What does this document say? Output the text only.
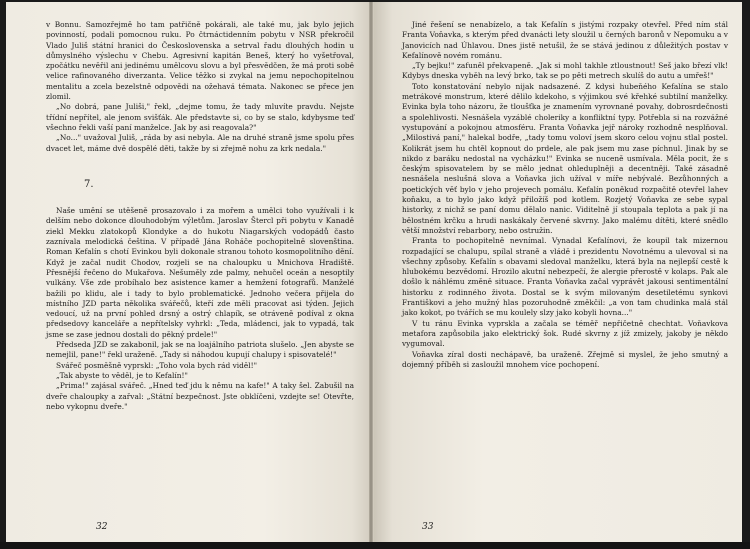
v Bonnu. Samozřejmě ho tam patřičně pokárali, ale také mu, jak bylo jejich povinností, podali pomocnou ruku. Po čtrnáctidenním pobytu v NSR překročil Vlado Juliš státní hranici do Československa a setrval řadu dlouhých hodin u důmyslného výslechu v Chebu. Agresivní kapitán Beneš, který ho vyšetřoval, zpočátku nevěřil ani jedinému umělcovu slovu a byl přesvědčen, že má proti sobě velice rafinovaného diverzanta. Velice těžko si zvykal na jemu nepochopitelnou mentalitu a zcela bezelstně odpovědi na ožehavá témata. Nakonec se přece jen zlomil.

„No dobrá, pane Juliši," řekl, „dejme tomu, že tady mluvíte pravdu. Nejste třídní nepřítel, ale jenom svišťák. Ale představte si, co by se stalo, kdybysme teď všechno řekli vaší paní manželce. Jak by asi reagovala?"

„No..." uvažoval Juliš, „ráda by asi nebyla. Ale na druhé straně jsme spolu přes dvacet let, máme dvě dospělé děti, takže by si zřejmě nohu za krk nedala."

7.

Naše umění se utěšeně prosazovalo i za mořem a umělci toho využívali i k delším nebo dokonce dlouhodobým výletům. Jaroslav Štercl při pobytu v Kanadě ziekl Mekku zlatokopů Klondyke a do hukotu Niagarských vodopádů často zaznívala melodická čeština. V případě Jána Roháče pochopitelně slovenština. Roman Kefalín s chotí Evinkou byli dokonale stranou tohoto kosmopolitního dění. Když je začal nudit Chodov, rozjeli se na chaloupku u Mnichova Hradiště. Přesnější řečeno do Mukařova. Nešuměly zde palmy, nehučel oceán a nesoptily vulkány. Vše zde probíhalo bez asistence kamer a hemžení fotografů. Manželé bažili po klidu, ale i tady to bylo problematické. Jednoho večera přijela do místního JZD parta několika svářečů, kteří zde měli pracovat asi týden. Jejich vedoucí, už na první pohled drsný a ostrý chlapík, se otráveně podíval z okna předsedovy kanceláře a nepřítelsky vyhrkl: „Teda, mládenci, jak to vypadá, tak jsme se zase jednou dostali do pěkný prdele!"

Předseda JZD se zakabonil, jak se na loajálního patriota slušelo. „Jen abyste se nemejlil, pane!" řekl uraženě. „Tady si náhodou kupují chalupy i spisovatelé!"

Svářeč posměšně vyprskl: „Toho vola bych rád viděl!"

„Tak abyste to věděl, je to Kefalín!"

„Prima!" zajásal svářeč. „Hned teď jdu k němu na kafe!" A taky šel. Zabušil na dveře chaloupky a zařval: „Státní bezpečnost. Jste obklíčeni, vzdejte se! Otevřte, nebo vykopnu dveře."

32

Jiné řešení se nenabízelo, a tak Kefalín s jistými rozpaky otevřel. Před ním stál Franta Voňavka, s kterým před dvanácti lety sloužil u černých baronů v Nepomuku a v Janovicích nad Úhlavou. Dnes jistě netušil, že se stává jedinou z důležitých postav v Kefalínově novém románu.

„Ty bejku!" zafuněl překvapeně. „Jak si mohl takhle ztloustnout! Seš jako březí vlk! Kdybys dneska vyběh na levý brko, tak se po pěti metrech skulíš do autu a umřeš!"

Toto konstatování nebylo nijak nadsazené. Z kdysi hubeňého Kefalína se stalo metrákové monstrum, které dělilo kdekoho, s výjimkou své křehké subtilní manželky. Evinka byla toho názoru, že tloušťka je znamením vyrovnané povahy, dobrosrdečnosti a spolehlivosti. Nesnášela vyzáblé choleriky a konfliktní typy. Potřebla si na rozvážné vystupování a pokojnou atmosféru. Franta Voňavka jejř nároky rozhodně nesplňoval. „Milostivá paní," halekal bodře, „tady tomu voloví jsem skoro celou vojnu stlal postel. Kolikrát jsem hu chtěl kopnout do prdele, ale pak jsem mu zase píchnul. Jinak by se nikdo z baráku nedostal na vycházku!" Evinka se nuceně usmívala. Měla pocit, že s českým spisovatelem by se mělo jednat ohleduplněji a decentněji. Také zásadně nesnášela neslušná slova a Voňavka jich užíval v míře nebývalé. Bezůhonných a poetických věť bylo v jeho projevech pomálu. Kefalín poněkud rozpačitě otevřel lahev koňaku, a to bylo jako když přiložíš pod kotlem. Rozjetý Voňavka ze sebe sypal historky, z nichž se paní domu dělalo nanic. Viditelně jí stoupala teplota a pak jí na bělostném krčku a hrudi naskákaly červené skvrny. Jako malému dítěti, které snědlo větší množství rebarbory, nebo ostružin.

Franta to pochopitelně nevnímal. Vynadal Kefalínovi, že koupil tak mizernou rozpadající se chalupu, spílal straně a vládě i prezidentu Novotnému a ulevoval si na všechny způsoby. Kefalín s obavami sledoval manželku, která byla na nejlepší cestě k hlubokému bezvědomí. Hrozilo akutní nebezpečí, že alergie přerostě v kolaps. Pak ale došlo k náhlému změně situace. Franta Voňavka začal vyprávět jakousi sentimentální historku z rodinného života. Dostal se k svým milovaným desetiletému synkovi Františkovi a jeho mužný hlas pozoruhodně změkčil: „a von tam chudinka malá stál jako kokot, po tvářích se mu koulely slzy jako kobyli hovna..."

V tu ránu Evinka vyprskla a začala se téměř nepřičetně chechtat. Voňavkova metafora zapůsobila jako elektrický šok. Rudé skvrny z jíž zmizely, jakoby je někdo vygumoval.

Voňavka zíral dosti nechápavě, ba uraženě. Zřejmě si myslel, že jeho smutný a dojemný příběh si zasloužil mnohem více pochopení.

33
